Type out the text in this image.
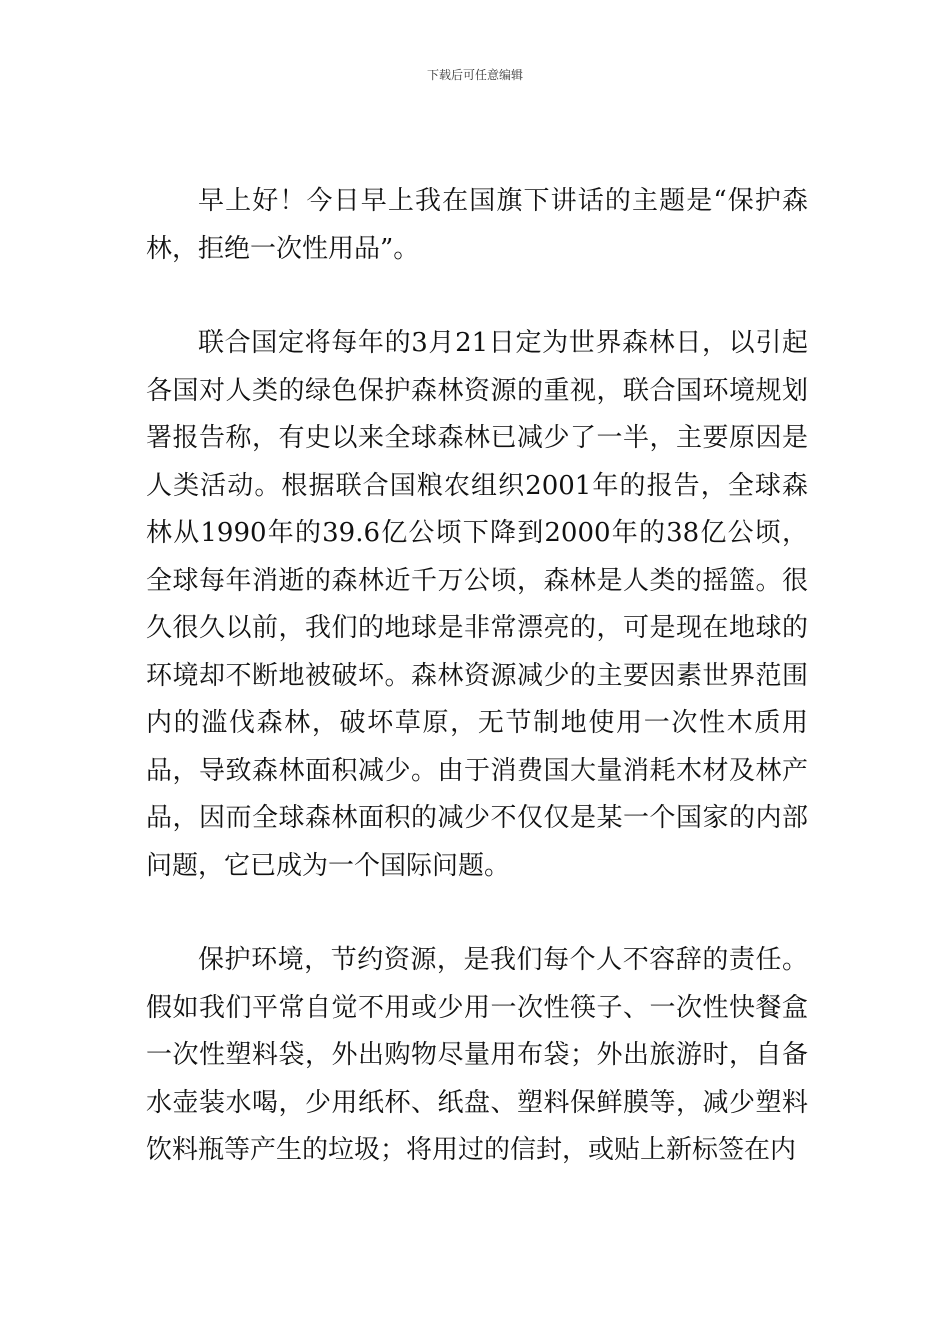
下载后可任意编辑

早上好！今日早上我在国旗下讲话的主题是“保护森林，拒绝一次性用品”。

联合国定将每年的3月21日定为世界森林日，以引起各国对人类的绿色保护森林资源的重视，联合国环境规划署报告称，有史以来全球森林已减少了一半，主要原因是人类活动。根据联合国粮农组织2001年的报告，全球森林从1990年的39.6亿公顷下降到2000年的38亿公顷，全球每年消逝的森林近千万公顷，森林是人类的摇篮。很久很久以前，我们的地球是非常漂亮的，可是现在地球的环境却不断地被破坏。森林资源减少的主要因素世界范围内的滥伐森林，破坏草原，无节制地使用一次性木质用品，导致森林面积减少。由于消费国大量消耗木材及林产品，因而全球森林面积的减少不仅仅是某一个国家的内部问题，它已成为一个国际问题。

保护环境，节约资源，是我们每个人不容辞的责任。假如我们平常自觉不用或少用一次性筷子、一次性快餐盒一次性塑料袋，外出购物尽量用布袋；外出旅游时，自备水壶装水喝，少用纸杯、纸盘、塑料保鲜膜等，减少塑料饮料瓶等产生的垃圾；将用过的信封，或贴上新标签在内
